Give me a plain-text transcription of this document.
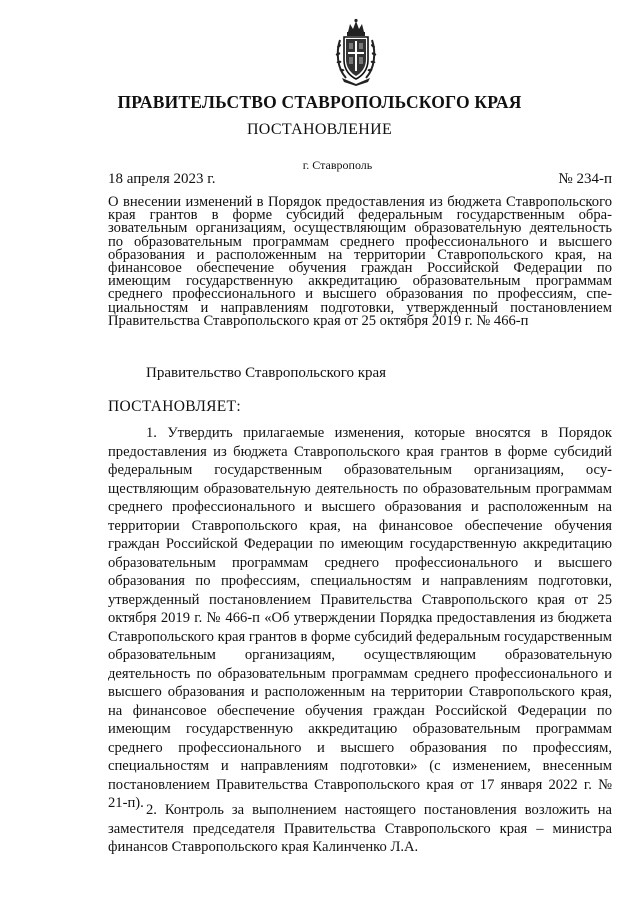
ПРАВИТЕЛЬСТВО СТАВРОПОЛЬСКОГО КРАЯ
ПОСТАНОВЛЕНИЕ
г. Ставрополь
18 апреля 2023 г.	№ 234-п
О внесении изменений в Порядок предоставления из бюджета Ставропольского края грантов в форме субсидий федеральным государственным образовательным организациям, осуществляющим образовательную деятельность по образовательным программам среднего профессионального и высшего образования и расположенным на территории Ставропольского края, на финансовое обеспечение обучения граждан Российской Федерации по имеющим государственную аккредитацию образовательным программам среднего профессионального и высшего образования по профессиям, специальностям и направлениям подготовки, утвержденный постановлением Правительства Ставропольского края от 25 октября 2019 г. № 466-п
Правительство Ставропольского края
ПОСТАНОВЛЯЕТ:

1. Утвердить прилагаемые изменения, которые вносятся в Порядок предоставления из бюджета Ставропольского края грантов в форме субсидий федеральным государственным образовательным организациям, осуществляющим образовательную деятельность по образовательным программам среднего профессионального и высшего образования и расположенным на территории Ставропольского края, на финансовое обеспечение обучения граждан Российской Федерации по имеющим государственную аккредитацию образовательным программам среднего профессионального и высшего образования по профессиям, специальностям и направлениям подготовки, утвержденный постановлением Правительства Ставропольского края от 25 октября 2019 г. № 466-п «Об утверждении Порядка предоставления из бюджета Ставропольского края грантов в форме субсидий федеральным государственным образовательным организациям, осуществляющим образовательную деятельность по образовательным программам среднего профессионального и высшего образования и расположенным на территории Ставропольского края, на финансовое обеспечение обучения граждан Российской Федерации по имеющим государственную аккредитацию образовательным программам среднего профессионального и высшего образования по профессиям, специальностям и направлениям подготовки» (с изменением, внесенным постановлением Правительства Ставропольского края от 17 января 2022 г. № 21-п). 2. Контроль за выполнением настоящего постановления возложить на заместителя председателя Правительства Ставропольского края – министра финансов Ставропольского края Калинченко Л.А.
